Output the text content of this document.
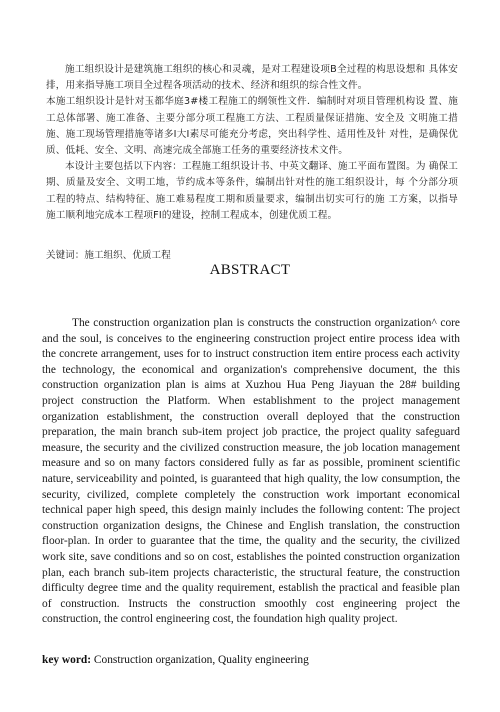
施工组织设计是建筑施工组织的核心和灵魂，是对工程建设项B全过程的构思设想和 具体安排，用来指导施工项目全过程各项活动的技术、经济和组织的综合性文件。

本施工组织设计是针对玉都华庭3#楼工程施工的纲领性文件．编制时对项目管理机构设 置、施工总体部署、施工准备、主要分部分项工程施工方法、工程质量保证措施、安全及 文明施工措施、施工现场管理措施等诸多I大I素尽可能充分考虑，突出科学性、适用性及针 对性，是确保优质、低耗、安全、文明、高速完成全部施工任务的重要经济技术文件。

本设计主要包括以下内容：工程施工组织设计书、中英文翻译、施工平面布置图。为 确保工期、质量及安全、文明工地，节约成本等条件，编制出针对性的施工组织设计，每 个分部分项工程的特点、结构特征、施工难易程度工期和质量要求，编制出切实可行的施 工方案，以指导施工顺利地完成本工程项FI的建设，控制工程成本，创建优质工程。

关键词：施工组织、优质工程
ABSTRACT

The construction organization plan is constructs the construction organization^ core and the soul, is conceives to the engineering construction project entire process idea with the concrete arrangement, uses for to instruct construction item entire process each activity the technology, the economical and organization's comprehensive document, the this construction organization plan is aims at Xuzhou Hua Peng Jiayuan the 28# building project construction the Platform. When establishment to the project management organization establishment, the construction overall deployed that the construction preparation, the main branch sub-item project job practice, the project quality safeguard measure, the security and the civilized construction measure, the job location management measure and so on many factors considered fully as far as possible, prominent scientific nature, serviceability and pointed, is guaranteed that high quality, the low consumption, the security, civilized, complete completely the construction work important economical technical paper high speed, this design mainly includes the following content: The project construction organization designs, the Chinese and English translation, the construction floor-plan. In order to guarantee that the time, the quality and the security, the civilized work site, save conditions and so on cost, establishes the pointed construction organization plan, each branch sub-item projects characteristic, the structural feature, the construction difficulty degree time and the quality requirement, establish the practical and feasible plan of construction. Instructs the construction smoothly cost engineering project the construction, the control engineering cost, the foundation high quality project.

key word: Construction organization, Quality engineering
